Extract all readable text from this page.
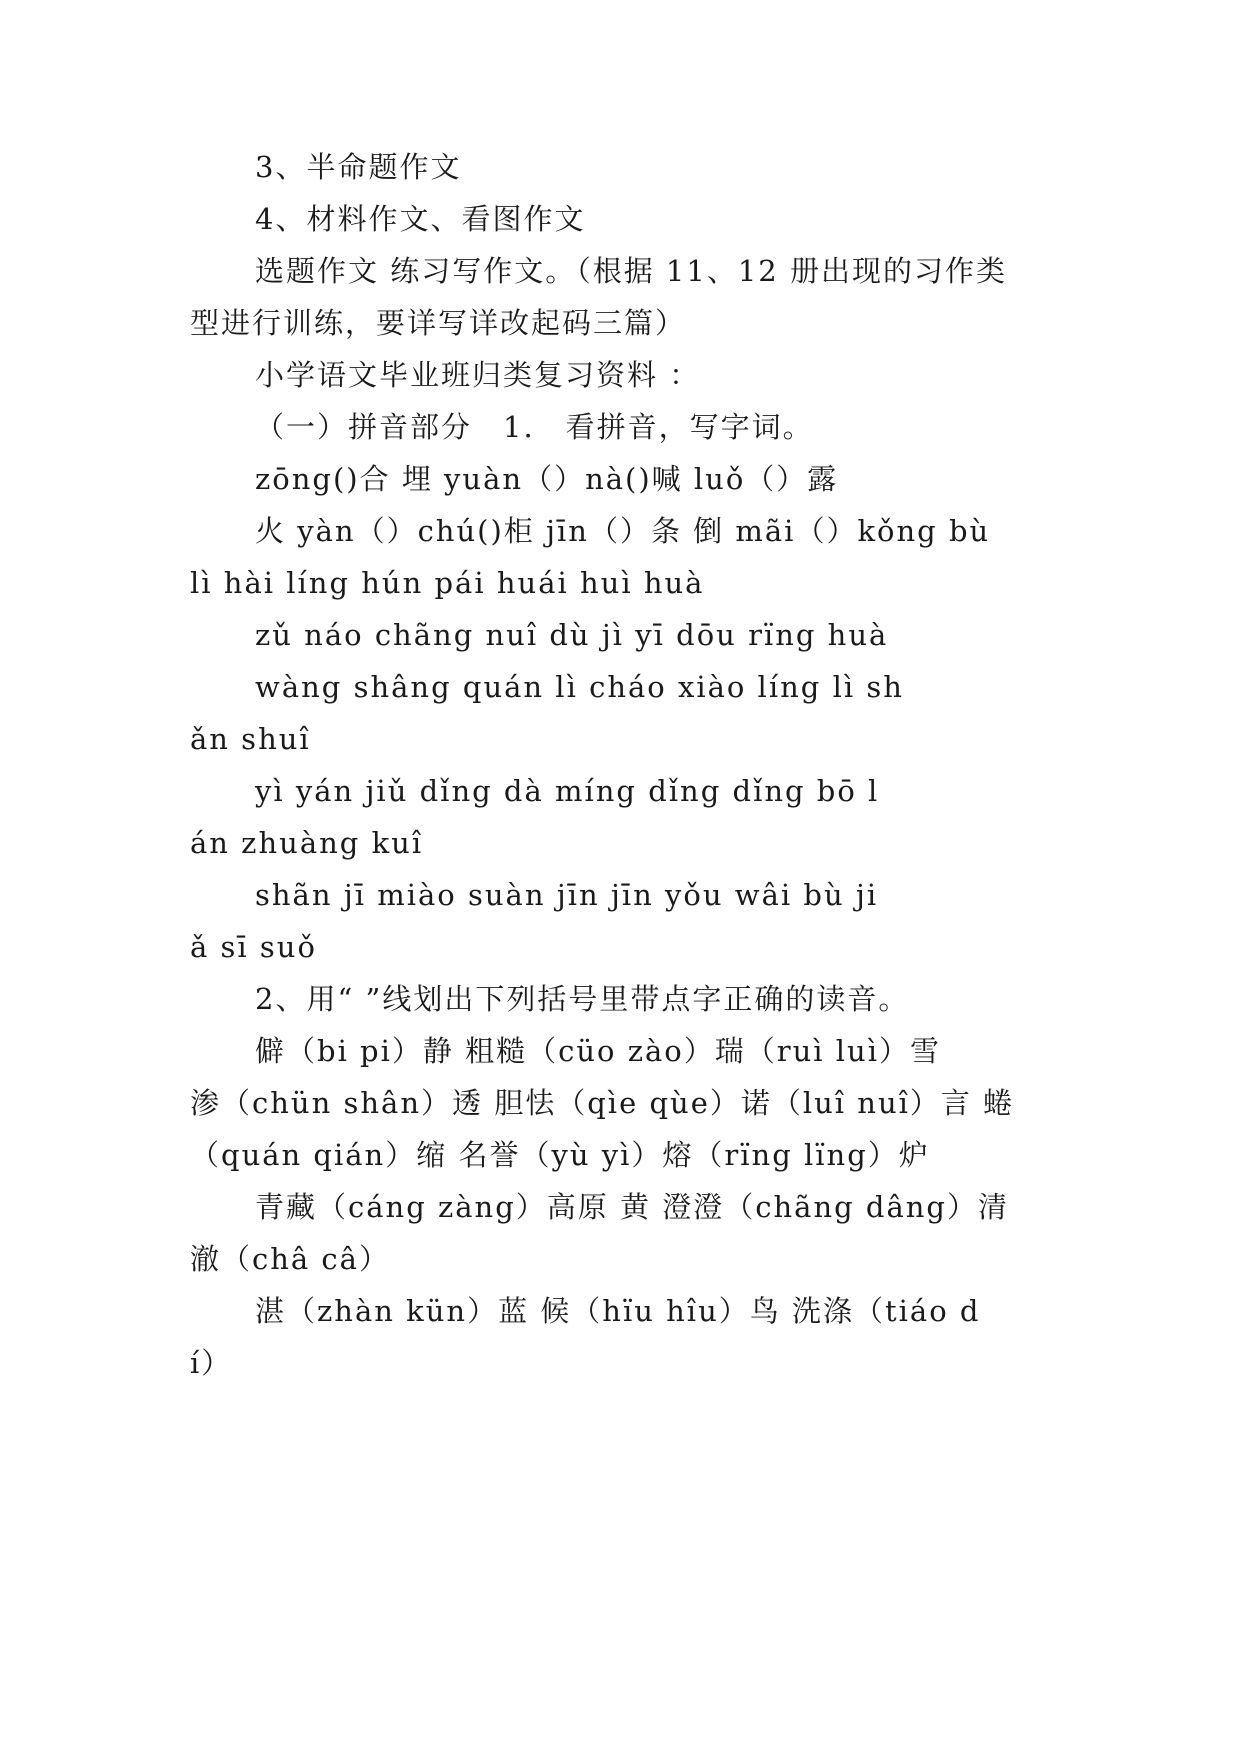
3、半命题作文
4、材料作文、看图作文
选题作文 练习写作文。（根据 11、12 册出现的习作类
型进行训练，要详写详改起码三篇）
小学语文毕业班归类复习资料 ：
（一）拼音部分　1.　看拼音，写字词。
zōng()合 埋 yuàn（）nà()喊 luǒ（）露
火 yàn（）chú()柜 jīn（）条 倒 mãi（）kǒng bù
lì hài líng hún pái huái huì huà
zǔ náo chãng nuî dù jì yī dōu rïng huà
wàng shâng quán lì cháo xiào líng lì sh
ǎn shuî
yì yán jiǔ dǐng dà míng dǐng dǐng bō l
án zhuàng kuî
shãn jī miào suàn jīn jīn yǒu wâi bù ji
ǎ sī suǒ
2、用“ ”线划出下列括号里带点字正确的读音。
僻（bi pi）静 粗糙（cüo zào）瑞（ruì luì）雪
渗（chün shân）透 胆怯（qìe qùe）诺（luî nuî）言 蜷
（quán qián）缩 名誉（yù yì）熔（rïng lïng）炉
青藏（cáng zàng）高原 黄 澄澄（chãng dâng）清
澈（châ câ）
湛（zhàn kün）蓝 候（hïu hîu）鸟 洗涤（tiáo d
í）
